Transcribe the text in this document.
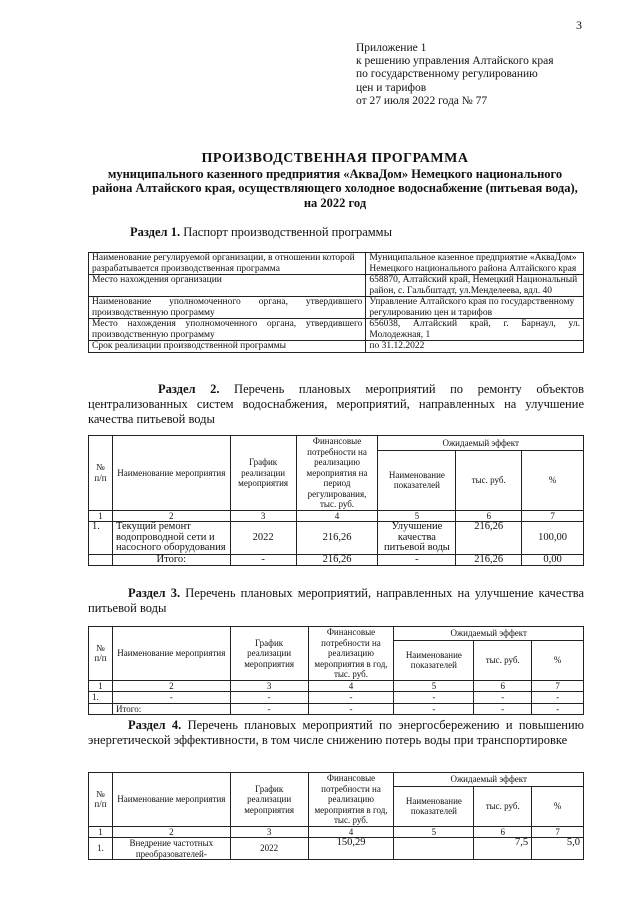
3
Приложение 1
к решению управления Алтайского края
по государственному регулированию
цен и тарифов
от 27 июля 2022 года № 77
ПРОИЗВОДСТВЕННАЯ ПРОГРАММА
муниципального казенного предприятия «АкваДом» Немецкого национального
района Алтайского края, осуществляющего холодное водоснабжение (питьевая вода),
на 2022 год
Раздел 1. Паспорт производственной программы
Наименование регулируемой организации, в отношении которой разрабатывается производственная программа	Муниципальное казенное предприятие «АкваДом» Немецкого национального района Алтайского края
Место нахождения организации	658870, Алтайский край, Немецкий Национальный район, с. Гальбштадт, ул.Менделеева, вдл. 40
Наименование уполномоченного органа, утвердившего производственную программу	Управление Алтайского края по государственному регулированию цен и тарифов
Место нахождения уполномоченного органа, утвердившего производственную программу	656038, Алтайский край, г. Барнаул, ул. Молодежная, 1
Срок реализации производственной программы	по 31.12.2022
Раздел 2. Перечень плановых мероприятий по ремонту объектов централизованных систем водоснабжения, мероприятий, направленных на улучшение качества питьевой воды
№ п/п	Наименование мероприятия	График реализации мероприятия	Финансовые потребности на реализацию мероприятия на период регулирования, тыс. руб.	Ожидаемый эффект		
				Наименование показателей	тыс. руб.	%
1	2	3	4	5	6	7
1.	Текущий ремонт водопроводной сети и насосного оборудования	2022	216,26	Улучшение качества питьевой воды	216,26	100,00
	Итого:	-	216,26	-	216,26	0,00
Раздел 3. Перечень плановых мероприятий, направленных на улучшение качества питьевой воды
№ п/п	Наименование мероприятия	График реализации мероприятия	Финансовые потребности на реализацию мероприятия в год, тыс. руб.	Ожидаемый эффект		
				Наименование показателей	тыс. руб.	%
1	2	3	4	5	6	7
1.	-	-	-	-	-	-
	Итого:	-	-	-	-	-
Раздел 4. Перечень плановых мероприятий по энергосбережению и повышению энергетической эффективности, в том числе снижению потерь воды при транспортировке
№ п/п	Наименование мероприятия	График реализации мероприятия	Финансовые потребности на реализацию мероприятия в год, тыс. руб.	Ожидаемый эффект		
				Наименование показателей	тыс. руб.	%
1	2	3	4	5	6	7
1.	Внедрение частотных преобразователей-	2022	150,29		7,5	5,0
